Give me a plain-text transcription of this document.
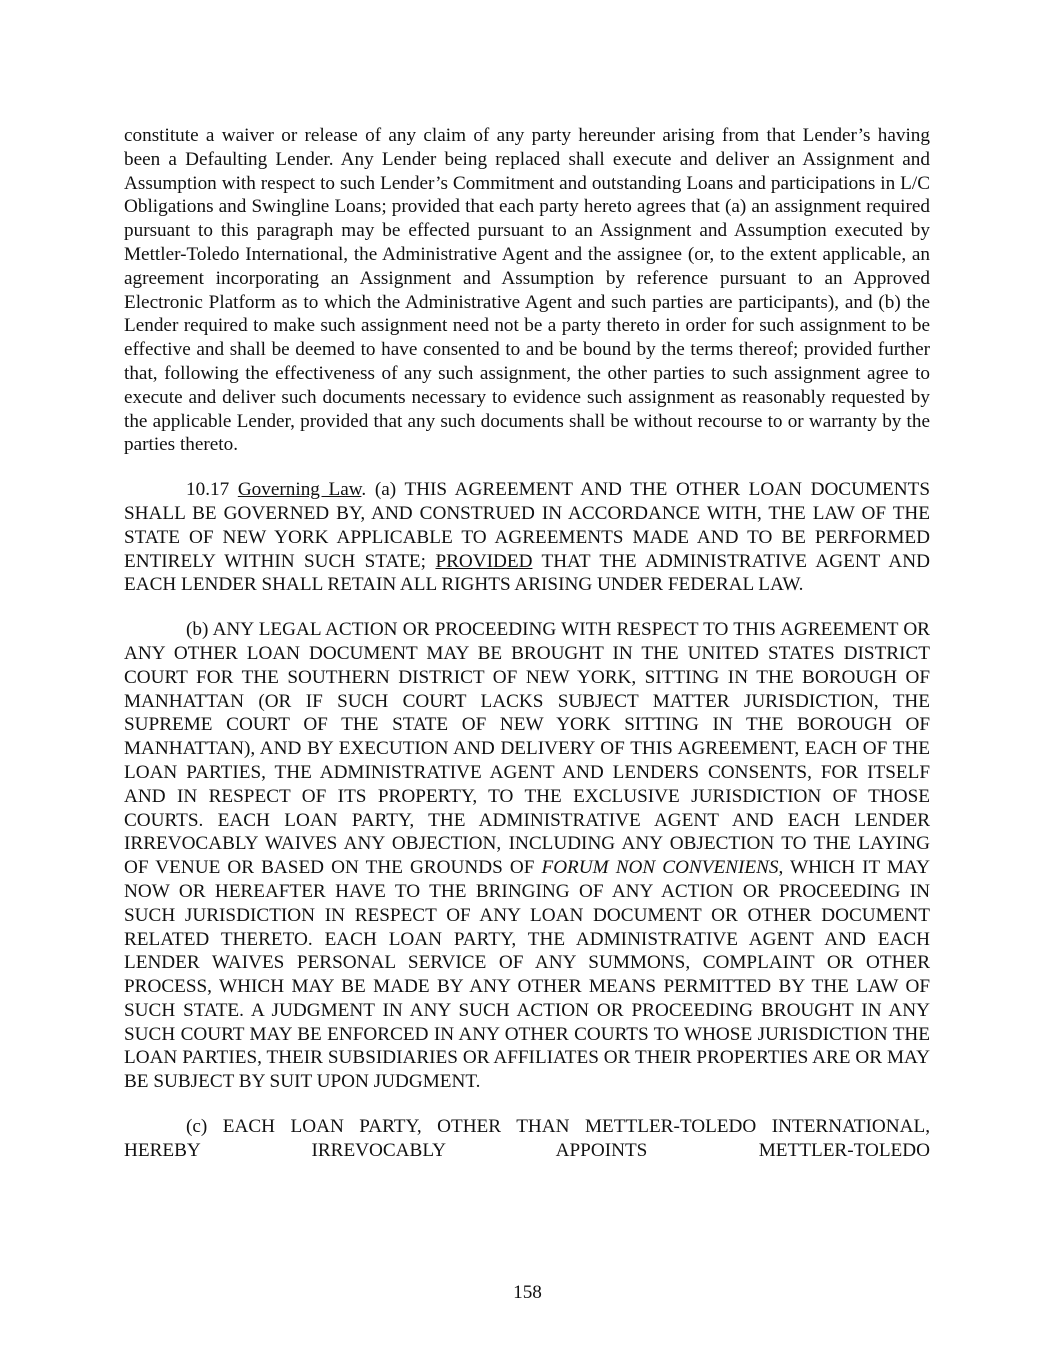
constitute a waiver or release of any claim of any party hereunder arising from that Lender’s having been a Defaulting Lender. Any Lender being replaced shall execute and deliver an Assignment and Assumption with respect to such Lender’s Commitment and outstanding Loans and participations in L/C Obligations and Swingline Loans; provided that each party hereto agrees that (a) an assignment required pursuant to this paragraph may be effected pursuant to an Assignment and Assumption executed by Mettler-Toledo International, the Administrative Agent and the assignee (or, to the extent applicable, an agreement incorporating an Assignment and Assumption by reference pursuant to an Approved Electronic Platform as to which the Administrative Agent and such parties are participants), and (b) the Lender required to make such assignment need not be a party thereto in order for such assignment to be effective and shall be deemed to have consented to and be bound by the terms thereof; provided further that, following the effectiveness of any such assignment, the other parties to such assignment agree to execute and deliver such documents necessary to evidence such assignment as reasonably requested by the applicable Lender, provided that any such documents shall be without recourse to or warranty by the parties thereto.

10.17 Governing Law. (a) THIS AGREEMENT AND THE OTHER LOAN DOCUMENTS SHALL BE GOVERNED BY, AND CONSTRUED IN ACCORDANCE WITH, THE LAW OF THE STATE OF NEW YORK APPLICABLE TO AGREEMENTS MADE AND TO BE PERFORMED ENTIRELY WITHIN SUCH STATE; PROVIDED THAT THE ADMINISTRATIVE AGENT AND EACH LENDER SHALL RETAIN ALL RIGHTS ARISING UNDER FEDERAL LAW.

(b) ANY LEGAL ACTION OR PROCEEDING WITH RESPECT TO THIS AGREEMENT OR ANY OTHER LOAN DOCUMENT MAY BE BROUGHT IN THE UNITED STATES DISTRICT COURT FOR THE SOUTHERN DISTRICT OF NEW YORK, SITTING IN THE BOROUGH OF MANHATTAN (OR IF SUCH COURT LACKS SUBJECT MATTER JURISDICTION, THE SUPREME COURT OF THE STATE OF NEW YORK SITTING IN THE BOROUGH OF MANHATTAN), AND BY EXECUTION AND DELIVERY OF THIS AGREEMENT, EACH OF THE LOAN PARTIES, THE ADMINISTRATIVE AGENT AND LENDERS CONSENTS, FOR ITSELF AND IN RESPECT OF ITS PROPERTY, TO THE EXCLUSIVE JURISDICTION OF THOSE COURTS. EACH LOAN PARTY, THE ADMINISTRATIVE AGENT AND EACH LENDER IRREVOCABLY WAIVES ANY OBJECTION, INCLUDING ANY OBJECTION TO THE LAYING OF VENUE OR BASED ON THE GROUNDS OF FORUM NON CONVENIENS, WHICH IT MAY NOW OR HEREAFTER HAVE TO THE BRINGING OF ANY ACTION OR PROCEEDING IN SUCH JURISDICTION IN RESPECT OF ANY LOAN DOCUMENT OR OTHER DOCUMENT RELATED THERETO. EACH LOAN PARTY, THE ADMINISTRATIVE AGENT AND EACH LENDER WAIVES PERSONAL SERVICE OF ANY SUMMONS, COMPLAINT OR OTHER PROCESS, WHICH MAY BE MADE BY ANY OTHER MEANS PERMITTED BY THE LAW OF SUCH STATE. A JUDGMENT IN ANY SUCH ACTION OR PROCEEDING BROUGHT IN ANY SUCH COURT MAY BE ENFORCED IN ANY OTHER COURTS TO WHOSE JURISDICTION THE LOAN PARTIES, THEIR SUBSIDIARIES OR AFFILIATES OR THEIR PROPERTIES ARE OR MAY BE SUBJECT BY SUIT UPON JUDGMENT.

(c) EACH LOAN PARTY, OTHER THAN METTLER-TOLEDO INTERNATIONAL, HEREBY IRREVOCABLY APPOINTS METTLER-TOLEDO

158
